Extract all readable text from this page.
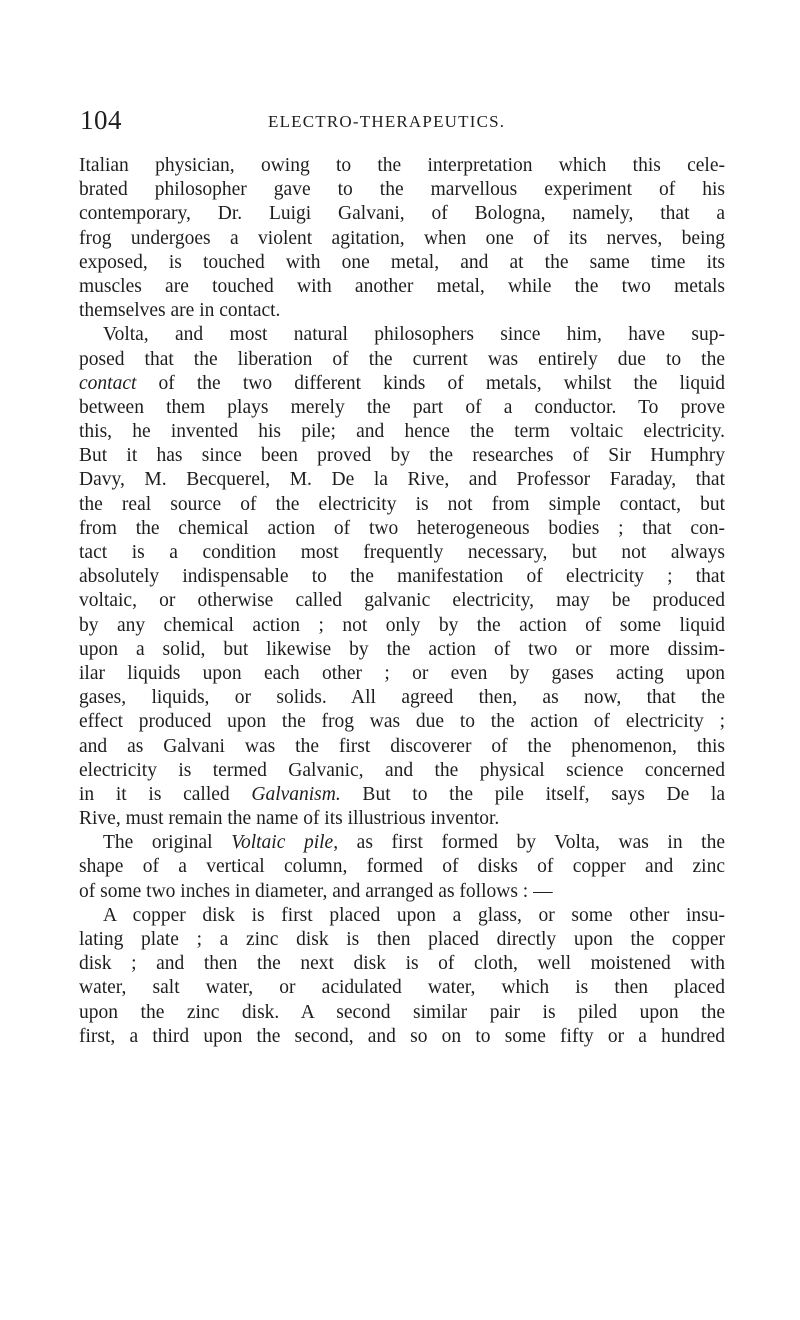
104	ELECTRO-THERAPEUTICS.
Italian physician, owing to the interpretation which this cele-
brated philosopher gave to the marvellous experiment of his
contemporary, Dr. Luigi Galvani, of Bologna, namely, that a
frog undergoes a violent agitation, when one of its nerves, being
exposed, is touched with one metal, and at the same time its
muscles are touched with another metal, while the two metals
themselves are in contact.
Volta, and most natural philosophers since him, have sup-
posed that the liberation of the current was entirely due to the
contact of the two different kinds of metals, whilst the liquid
between them plays merely the part of a conductor. To prove
this, he invented his pile; and hence the term voltaic electricity.
But it has since been proved by the researches of Sir Humphry
Davy, M. Becquerel, M. De la Rive, and Professor Faraday, that
the real source of the electricity is not from simple contact, but
from the chemical action of two heterogeneous bodies ; that con-
tact is a condition most frequently necessary, but not always
absolutely indispensable to the manifestation of electricity ; that
voltaic, or otherwise called galvanic electricity, may be produced
by any chemical action ; not only by the action of some liquid
upon a solid, but likewise by the action of two or more dissim-
ilar liquids upon each other ; or even by gases acting upon
gases, liquids, or solids. All agreed then, as now, that the
effect produced upon the frog was due to the action of electricity ;
and as Galvani was the first discoverer of the phenomenon, this
electricity is termed Galvanic, and the physical science concerned
in it is called Galvanism. But to the pile itself, says De la
Rive, must remain the name of its illustrious inventor.
The original Voltaic pile, as first formed by Volta, was in the
shape of a vertical column, formed of disks of copper and zinc
of some two inches in diameter, and arranged as follows : —
A copper disk is first placed upon a glass, or some other insu-
lating plate ; a zinc disk is then placed directly upon the copper
disk ; and then the next disk is of cloth, well moistened with
water, salt water, or acidulated water, which is then placed
upon the zinc disk. A second similar pair is piled upon the
first, a third upon the second, and so on to some fifty or a hundred
